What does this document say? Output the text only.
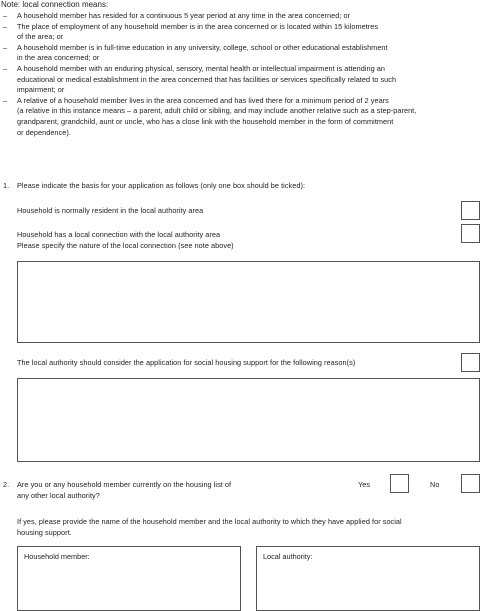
Note: local connection means:
– A household member has resided for a continuous 5 year period at any time in the area concerned; or
– The place of employment of any household member is in the area concerned or is located within 15 kilometres
of the area; or
– A household member is in full-time education in any university, college, school or other educational establishment
in the area concerned; or
– A household member with an enduring physical, sensory, mental health or intellectual impairment is attending an
educational or medical establishment in the area concerned that has facilities or services specifically related to such
impairment; or
– A relative of a household member lives in the area concerned and has lived there for a minimum period of 2 years
(a relative in this instance means – a parent, adult child or sibling, and may include another relative such as a step-parent,
grandparent, grandchild, aunt or uncle, who has a close link with the household member in the form of commitment
or dependence).
1. Please indicate the basis for your application as follows (only one box should be ticked):
Household is normally resident in the local authority area
Household has a local connection with the local authority area
Please specify the nature of the local connection (see note above)
The local authority should consider the application for social housing support for the following reason(s)
2. Are you or any household member currently on the housing list of
any other local authority?
Yes	No
If yes, please provide the name of the household member and the local authority to which they have applied for social
housing support.
Household member:	Local authority:
